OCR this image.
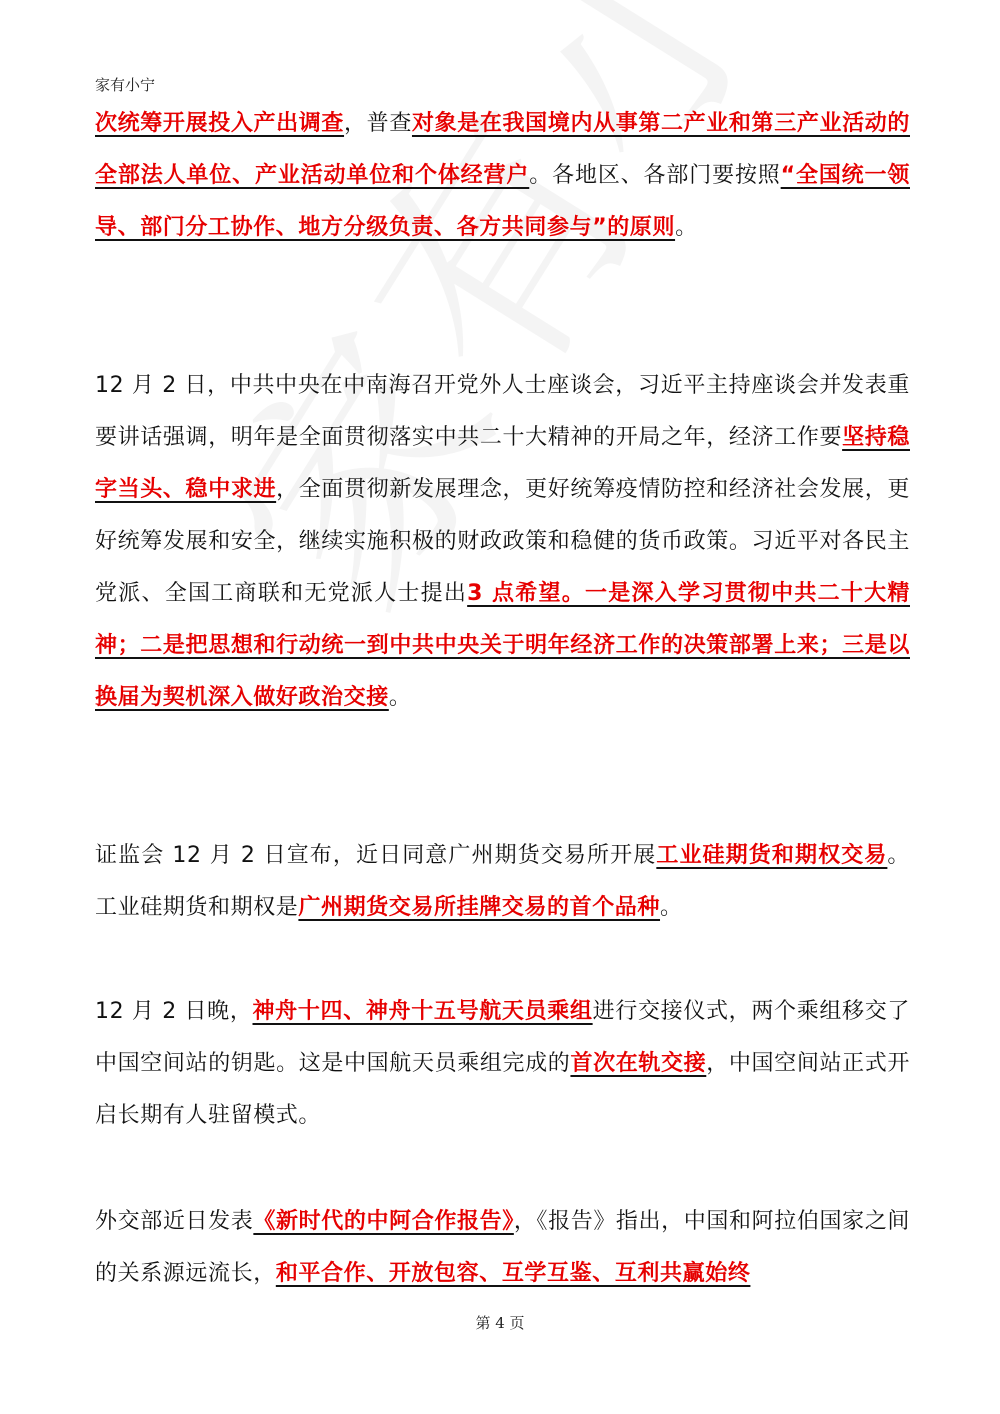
家有小宁
次统筹开展投入产出调查，普查对象是在我国境内从事第二产业和第三产业活动的全部法人单位、产业活动单位和个体经营户。各地区、各部门要按照“全国统一领导、部门分工协作、地方分级负责、各方共同参与”的原则。
12 月 2 日，中共中央在中南海召开党外人士座谈会，习近平主持座谈会并发表重要讲话强调，明年是全面贯彻落实中共二十大精神的开局之年，经济工作要坚持稳字当头、稳中求进，全面贯彻新发展理念，更好统筹疫情防控和经济社会发展，更好统筹发展和安全，继续实施积极的财政政策和稳健的货币政策。习近平对各民主党派、全国工商联和无党派人士提出3 点希望。一是深入学习贯彻中共二十大精神；二是把思想和行动统一到中共中央关于明年经济工作的决策部署上来；三是以换届为契机深入做好政治交接。
证监会 12 月 2 日宣布，近日同意广州期货交易所开展工业硅期货和期权交易。工业硅期货和期权是广州期货交易所挂牌交易的首个品种。
12 月 2 日晚，神舟十四、神舟十五号航天员乘组进行交接仪式，两个乘组移交了中国空间站的钥匙。这是中国航天员乘组完成的首次在轨交接，中国空间站正式开启长期有人驻留模式。
外交部近日发表《新时代的中阿合作报告》，《报告》指出，中国和阿拉伯国家之间的关系源远流长，和平合作、开放包容、互学互鉴、互利共赢始终
第 4 页
